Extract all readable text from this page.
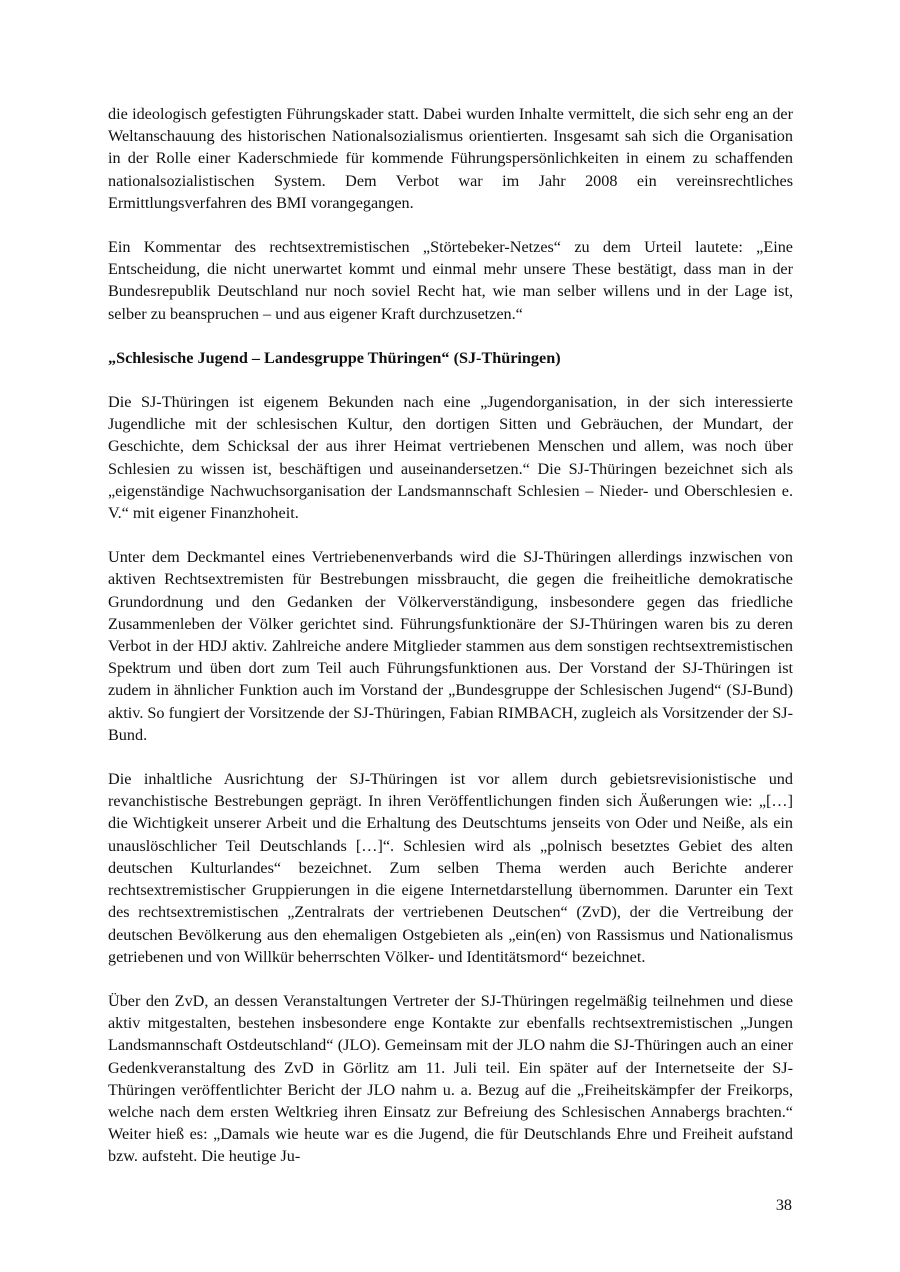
die ideologisch gefestigten Führungskader statt. Dabei wurden Inhalte vermittelt, die sich sehr eng an der Weltanschauung des historischen Nationalsozialismus orientierten. Insgesamt sah sich die Organisation in der Rolle einer Kaderschmiede für kommende Führungspersönlichkeiten in einem zu schaffenden nationalsozialistischen System. Dem Verbot war im Jahr 2008 ein vereinsrechtliches Ermittlungsverfahren des BMI vorangegangen.

Ein Kommentar des rechtsextremistischen „Störtebeker-Netzes“ zu dem Urteil lautete: „Eine Entscheidung, die nicht unerwartet kommt und einmal mehr unsere These bestätigt, dass man in der Bundesrepublik Deutschland nur noch soviel Recht hat, wie man selber willens und in der Lage ist, selber zu beanspruchen – und aus eigener Kraft durchzusetzen.“

„Schlesische Jugend – Landesgruppe Thüringen“ (SJ-Thüringen)

Die SJ-Thüringen ist eigenem Bekunden nach eine „Jugendorganisation, in der sich interessierte Jugendliche mit der schlesischen Kultur, den dortigen Sitten und Gebräuchen, der Mundart, der Geschichte, dem Schicksal der aus ihrer Heimat vertriebenen Menschen und allem, was noch über Schlesien zu wissen ist, beschäftigen und auseinandersetzen.“ Die SJ-Thüringen bezeichnet sich als „eigenständige Nachwuchsorganisation der Landsmannschaft Schlesien – Nieder- und Oberschlesien e. V.“ mit eigener Finanzhoheit.

Unter dem Deckmantel eines Vertriebenenverbands wird die SJ-Thüringen allerdings inzwischen von aktiven Rechtsextremisten für Bestrebungen missbraucht, die gegen die freiheitliche demokratische Grundordnung und den Gedanken der Völkerverständigung, insbesondere gegen das friedliche Zusammenleben der Völker gerichtet sind. Führungsfunktionäre der SJ-Thüringen waren bis zu deren Verbot in der HDJ aktiv. Zahlreiche andere Mitglieder stammen aus dem sonstigen rechtsextremistischen Spektrum und üben dort zum Teil auch Führungsfunktionen aus. Der Vorstand der SJ-Thüringen ist zudem in ähnlicher Funktion auch im Vorstand der „Bundesgruppe der Schlesischen Jugend“ (SJ-Bund) aktiv. So fungiert der Vorsitzende der SJ-Thüringen, Fabian RIMBACH, zugleich als Vorsitzender der SJ-Bund.

Die inhaltliche Ausrichtung der SJ-Thüringen ist vor allem durch gebietsrevisionistische und revanchistische Bestrebungen geprägt. In ihren Veröffentlichungen finden sich Äußerungen wie: „[…] die Wichtigkeit unserer Arbeit und die Erhaltung des Deutschtums jenseits von Oder und Neiße, als ein unauslöschlicher Teil Deutschlands […]“. Schlesien wird als „polnisch besetztes Gebiet des alten deutschen Kulturlandes“ bezeichnet. Zum selben Thema werden auch Berichte anderer rechtsextremistischer Gruppierungen in die eigene Internetdarstellung übernommen. Darunter ein Text des rechtsextremistischen „Zentralrats der vertriebenen Deutschen“ (ZvD), der die Vertreibung der deutschen Bevölkerung aus den ehemaligen Ostgebieten als „ein(en) von Rassismus und Nationalismus getriebenen und von Willkür beherrschten Völker- und Identitätsmord“ bezeichnet.

Über den ZvD, an dessen Veranstaltungen Vertreter der SJ-Thüringen regelmäßig teilnehmen und diese aktiv mitgestalten, bestehen insbesondere enge Kontakte zur ebenfalls rechtsextremistischen „Jungen Landsmannschaft Ostdeutschland“ (JLO). Gemeinsam mit der JLO nahm die SJ-Thüringen auch an einer Gedenkveranstaltung des ZvD in Görlitz am 11. Juli teil. Ein später auf der Internetseite der SJ-Thüringen veröffentlichter Bericht der JLO nahm u. a. Bezug auf die „Freiheitskämpfer der Freikorps, welche nach dem ersten Weltkrieg ihren Einsatz zur Befreiung des Schlesischen Annabergs brachten.“ Weiter hieß es: „Damals wie heute war es die Jugend, die für Deutschlands Ehre und Freiheit aufstand bzw. aufsteht. Die heutige Ju-

38
